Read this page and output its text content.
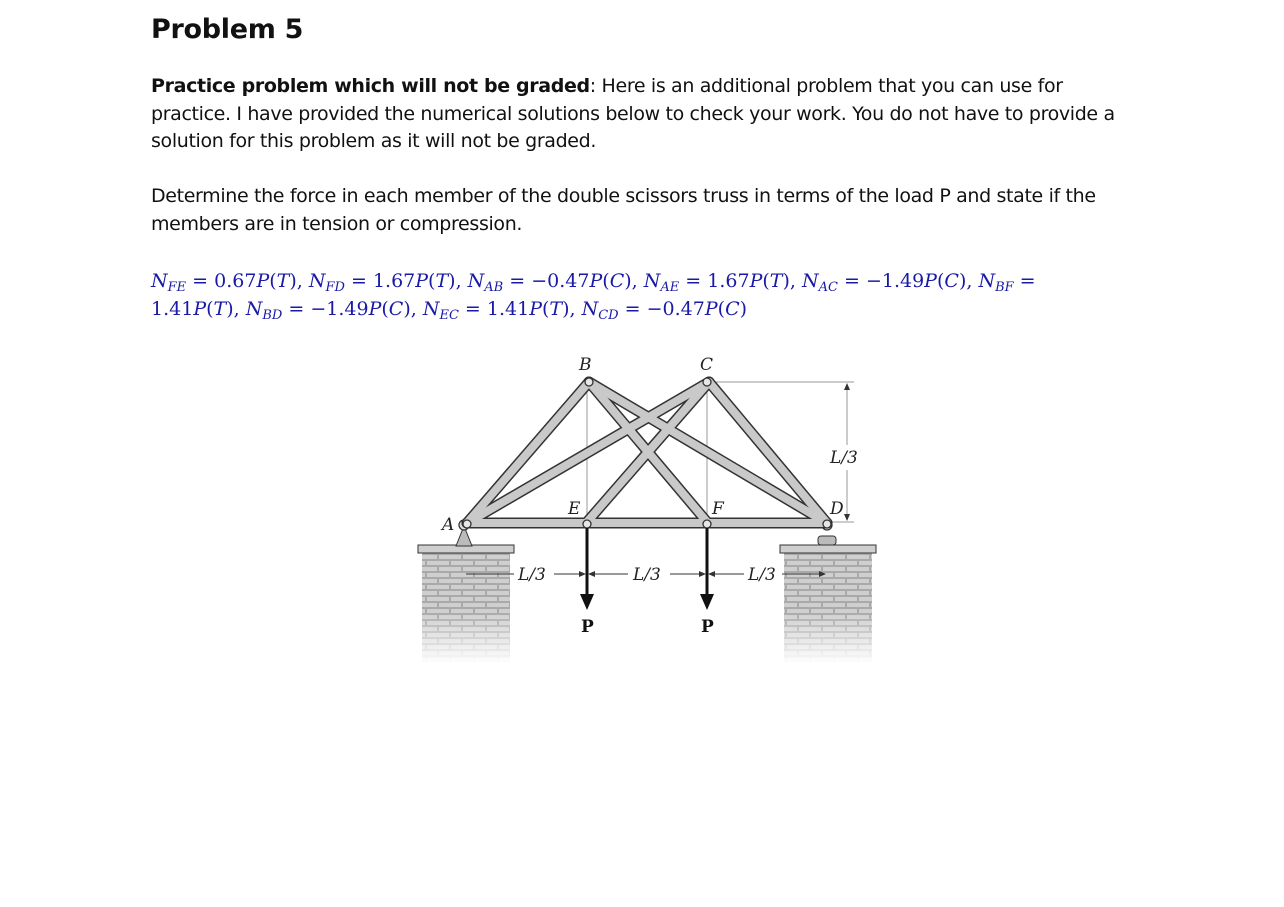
Problem 5

Practice problem which will not be graded: Here is an additional problem that you can use for practice. I have provided the numerical solutions below to check your work. You do not have to provide a solution for this problem as it will not be graded.

Determine the force in each member of the double scissors truss in terms of the load P and state if the members are in tension or compression.

$N_{FE} = 0.67P(T)$, $N_{FD} = 1.67P(T)$, $N_{AB} = -0.47P(C)$, $N_{AE} = 1.67P(T)$, $N_{AC} = -1.49P(C)$, $N_{BF}$ =
1.41P(T), $N_{BD} = -1.49P(C)$, $N_{EC} = 1.41P(T)$, $N_{CD} = -0.47P(C)$
B	C
A
D
E	F
L/3
L/3	L/3	L/3
P	P
